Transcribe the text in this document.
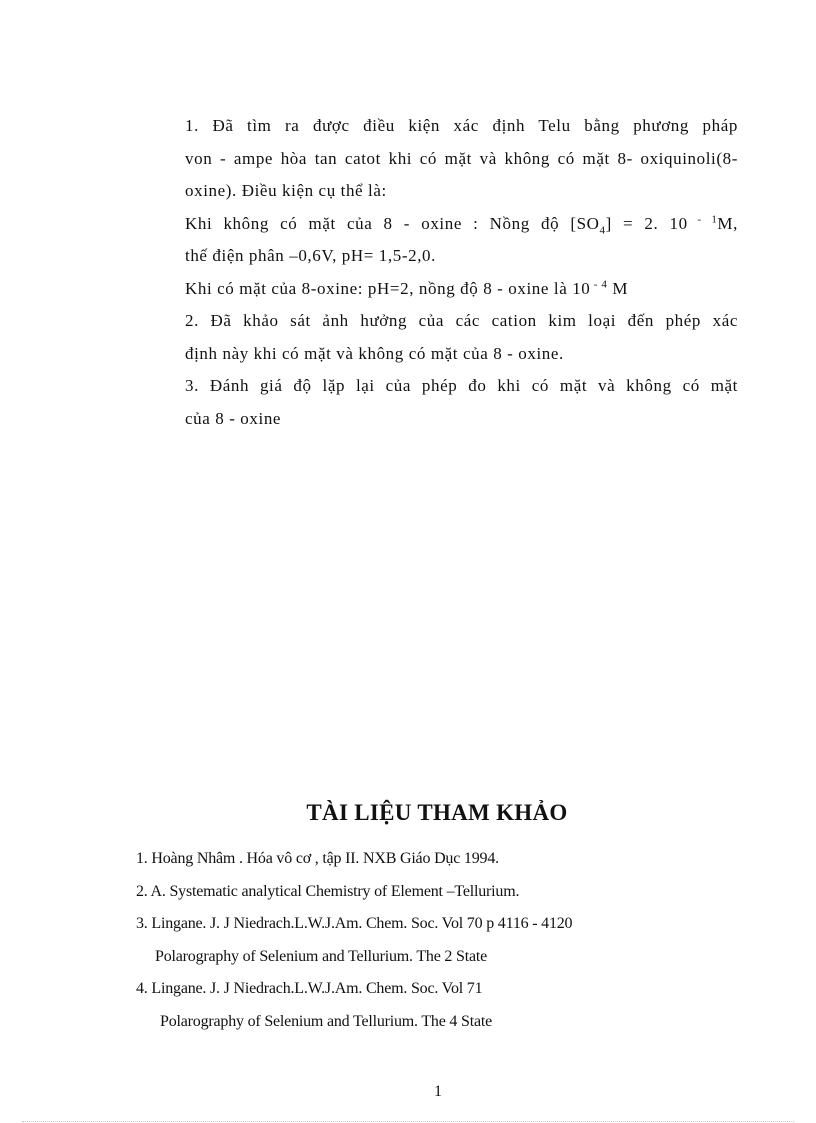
1. Đã tìm ra được điều kiện xác định Telu bằng phương pháp
von - ampe hòa tan catot khi có mặt và không có mặt 8- oxiquinoli(8-
oxine). Điều kiện cụ thể là:

Khi không có mặt của 8 - oxine : Nồng độ $[SO_4] = 2$. 10 $^{- 1}$M,
thế điện phân –0,6V, pH= 1,5-2,0.

Khi có mặt của 8-oxine: pH=2, nồng độ 8 - oxine là 10 $^{- 4}$ M

2. Đã khảo sát ảnh hưởng của các cation kim loại đến phép xác
định này khi có mặt và không có mặt của 8 - oxine.

3. Đánh giá độ lặp lại của phép đo khi có mặt và không có mặt
của 8 - oxine

TÀI LIỆU THAM KHẢO
1. Hoàng Nhâm . Hóa vô cơ , tập II. NXB Giáo Dục 1994.
2. A. Systematic analytical Chemistry of Element –Tellurium.
3. Lingane. J. J Niedrach.L.W.J.Am. Chem. Soc. Vol 70 p 4116 - 4120
Polarography of Selenium and Tellurium. The 2 State
4. Lingane. J. J Niedrach.L.W.J.Am. Chem. Soc. Vol 71
Polarography of Selenium and Tellurium. The 4 State
1
